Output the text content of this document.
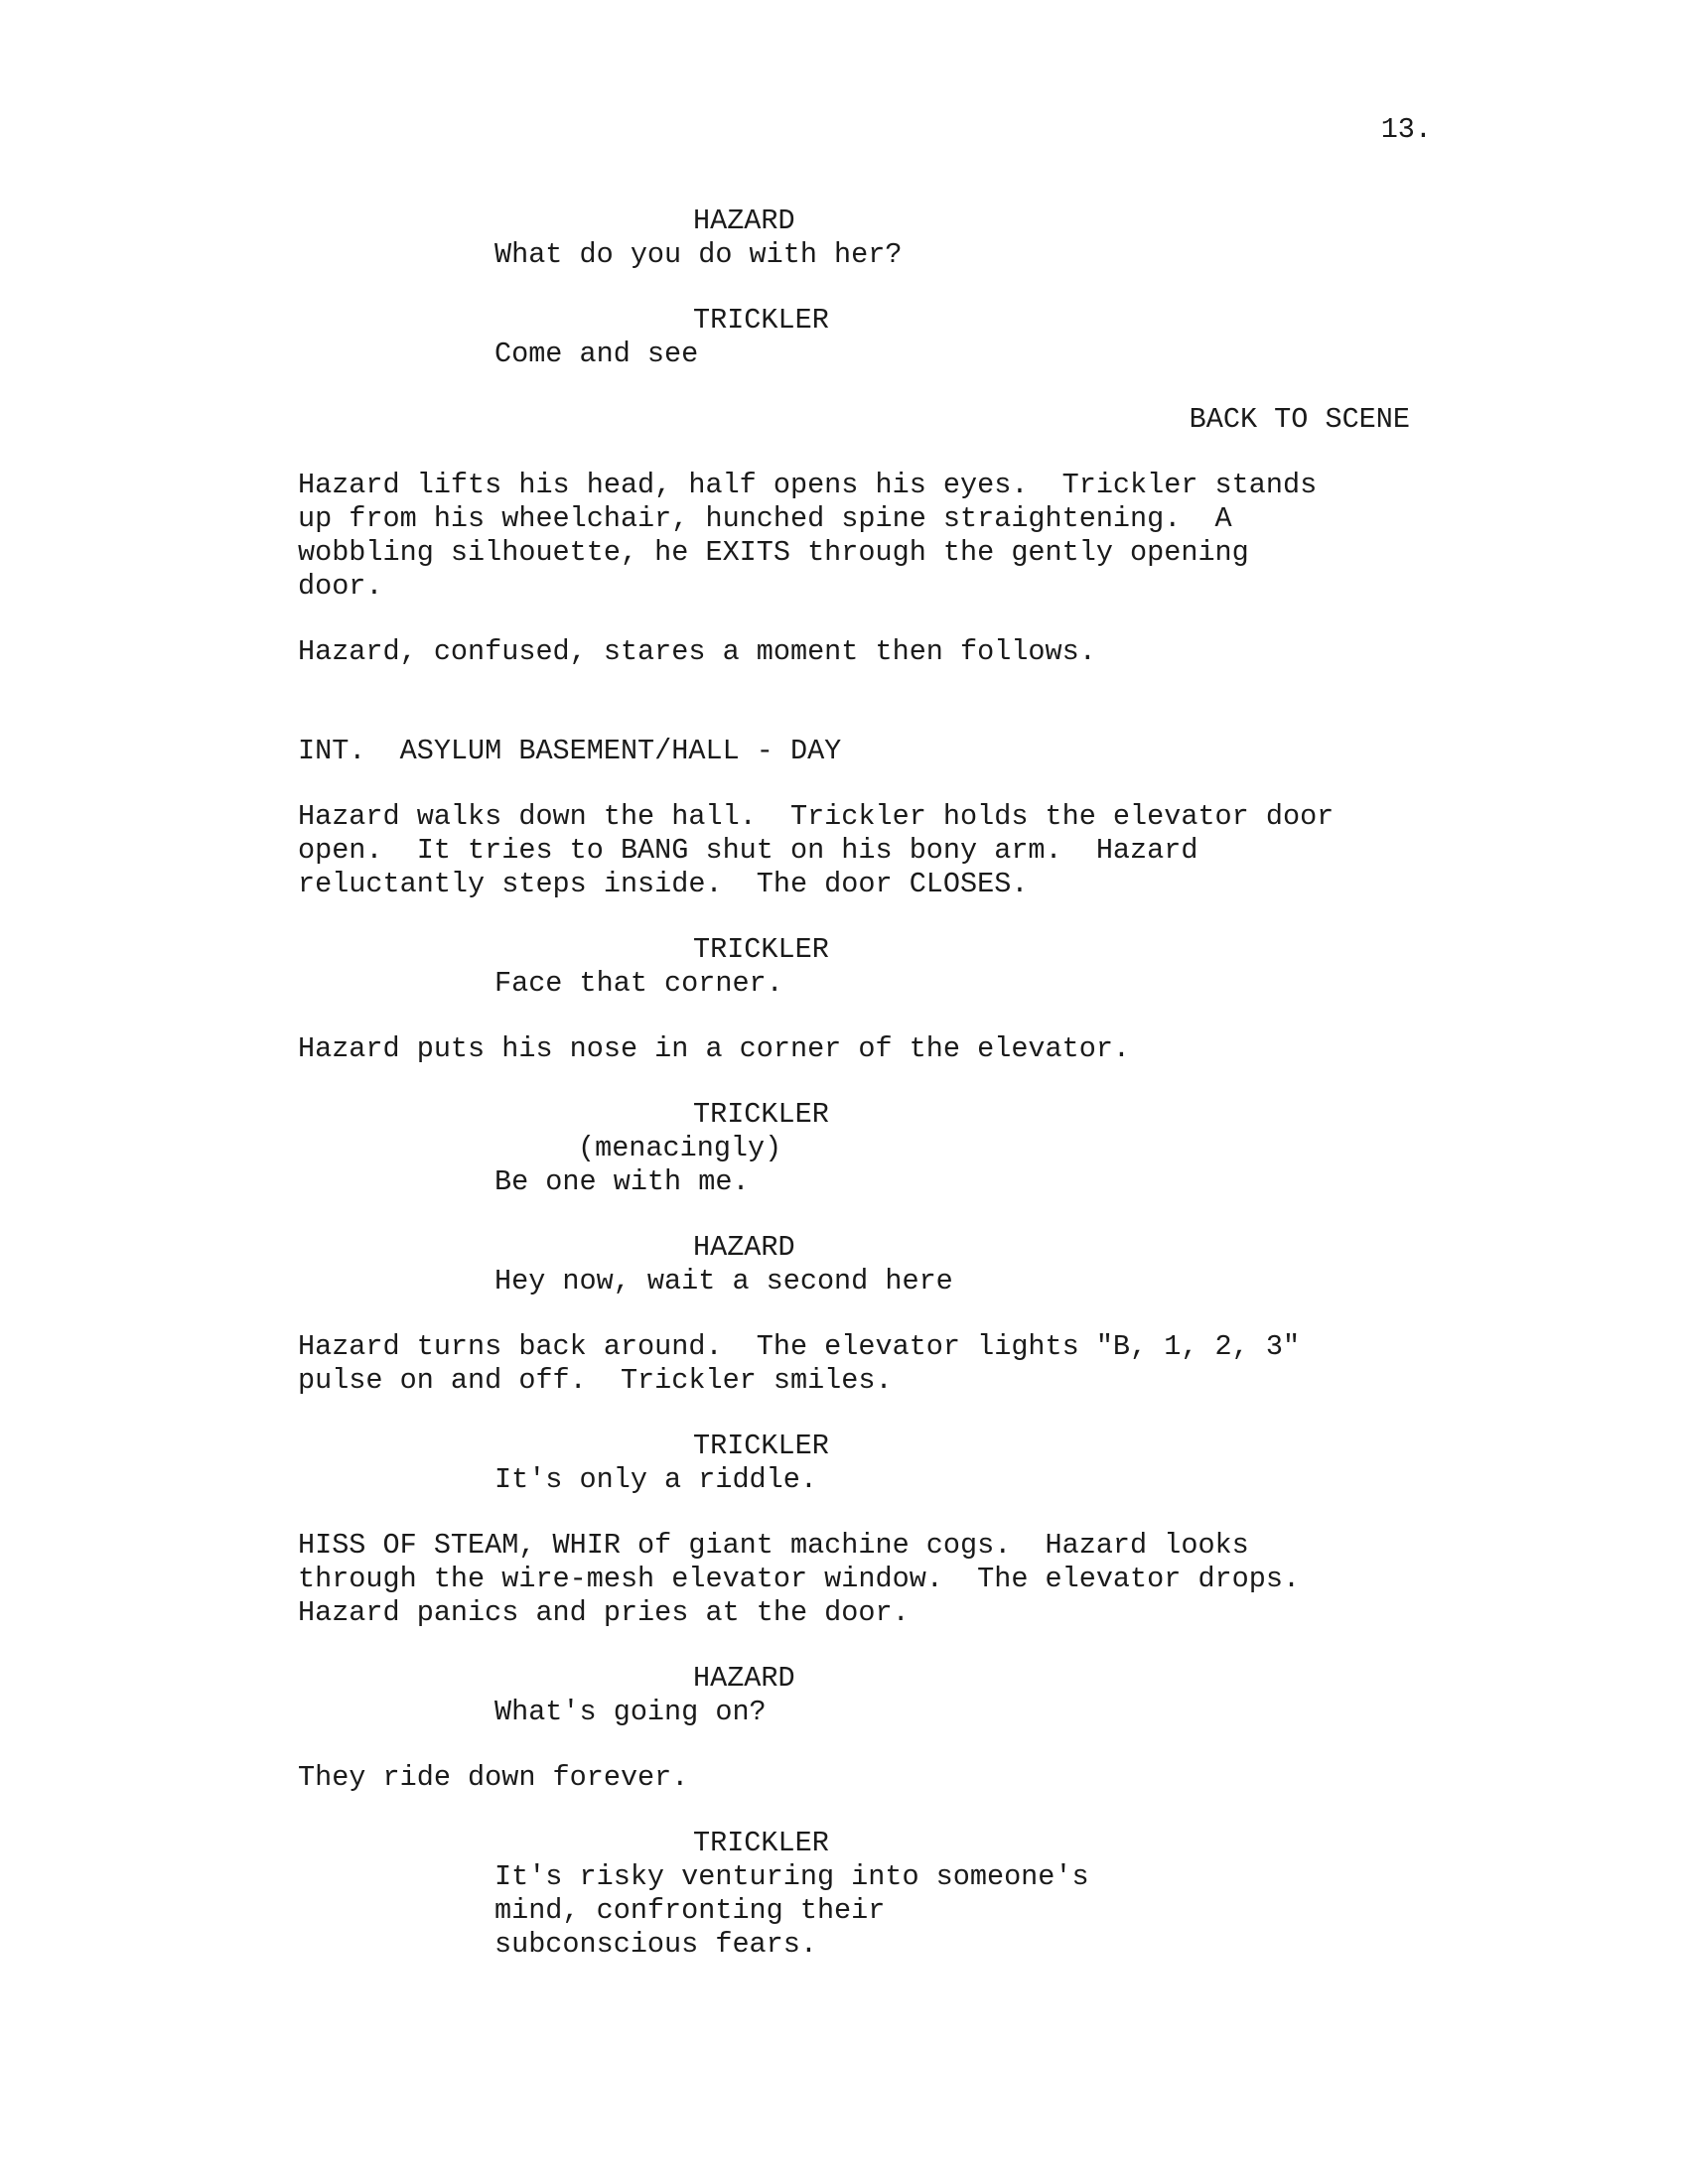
13.
HAZARD
What do you do with her?
TRICKLER
Come and see
BACK TO SCENE
Hazard lifts his head, half opens his eyes.  Trickler stands
up from his wheelchair, hunched spine straightening.  A
wobbling silhouette, he EXITS through the gently opening
door.
Hazard, confused, stares a moment then follows.
INT.  ASYLUM BASEMENT/HALL - DAY
Hazard walks down the hall.  Trickler holds the elevator door
open.  It tries to BANG shut on his bony arm.  Hazard
reluctantly steps inside.  The door CLOSES.
TRICKLER
Face that corner.
Hazard puts his nose in a corner of the elevator.
TRICKLER
(menacingly)
Be one with me.
HAZARD
Hey now, wait a second here
Hazard turns back around.  The elevator lights "B, 1, 2, 3"
pulse on and off.  Trickler smiles.
TRICKLER
It's only a riddle.
HISS OF STEAM, WHIR of giant machine cogs.  Hazard looks
through the wire-mesh elevator window.  The elevator drops.
Hazard panics and pries at the door.
HAZARD
What's going on?
They ride down forever.
TRICKLER
It's risky venturing into someone's
mind, confronting their
subconscious fears.
